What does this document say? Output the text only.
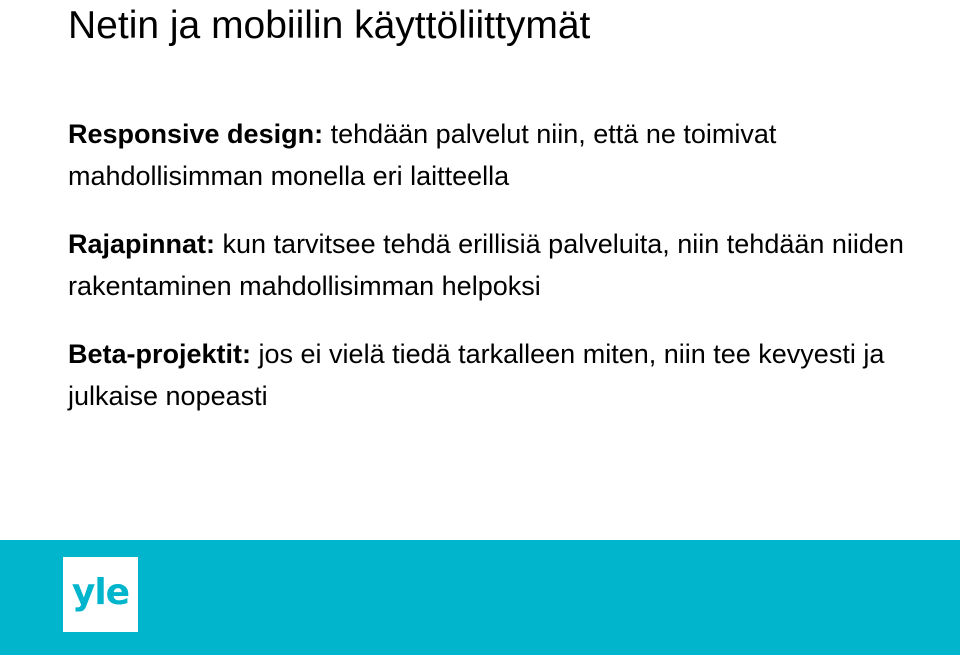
Netin ja mobiilin käyttöliittymät

Responsive design: tehdään palvelut niin, että ne toimivat mahdollisimman monella eri laitteella

Rajapinnat: kun tarvitsee tehdä erillisiä palveluita, niin tehdään niiden rakentaminen mahdollisimman helpoksi

Beta-projektit: jos ei vielä tiedä tarkalleen miten, niin tee kevyesti ja julkaise nopeasti

yle
